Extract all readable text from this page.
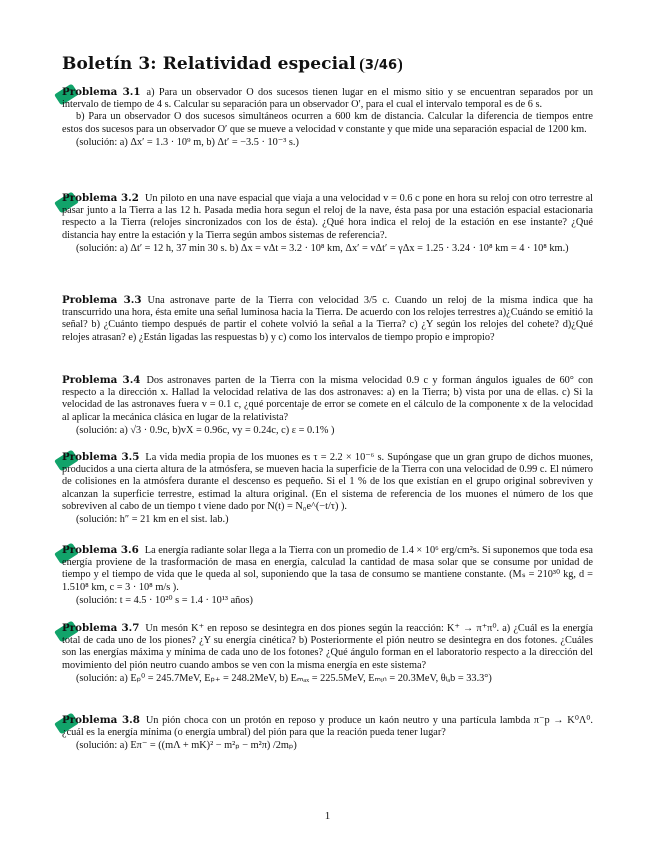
Boletín 3: Relatividad especial 3/46

Problema 3.1 a) Para un observador O dos sucesos tienen lugar en el mismo sitio y se encuentran separados por un intervalo de tiempo de 4 s. Calcular su separación para un observador O′, para el cual el intervalo temporal es de 6 s.

b) Para un observador O dos sucesos simultáneos ocurren a 600 km de distancia. Calcular la diferencia de tiempos entre estos dos sucesos para un observador O′ que se mueve a velocidad v constante y que mide una separación espacial de 1200 km.

(solución: a) Δx′ = 1.3 · 10⁹ m, b) Δt′ = −3.5 · 10⁻³ s.)

Problema 3.2 Un piloto en una nave espacial que viaja a una velocidad v = 0.6 c pone en hora su reloj con otro terrestre al pasar junto a la Tierra a las 12 h. Pasada media hora segun el reloj de la nave, ésta pasa por una estación espacial estacionaria respecto a la Tierra (relojes sincronizados con los de ésta). ¿Qué hora indica el reloj de la estación en ese instante? ¿Qué distancia hay entre la estación y la Tierra según ambos sistemas de referencia?.

(solución: a) Δt′ = 12 h, 37 min 30 s. b) Δx = vΔt = 3.2 · 10⁸ km, Δx′ = vΔt′ = γΔx = 1.25 · 3.24 · 10⁸ km = 4 · 10⁸ km.)

Problema 3.3 Una astronave parte de la Tierra con velocidad 3/5 c. Cuando un reloj de la misma indica que ha transcurrido una hora, ésta emite una señal luminosa hacia la Tierra. De acuerdo con los relojes terrestres a)¿Cuándo se emitió la señal? b) ¿Cuánto tiempo después de partir el cohete volvió la señal a la Tierra? c) ¿Y según los relojes del cohete? d)¿Qué relojes atrasan? e) ¿Están ligadas las respuestas b) y c) como los intervalos de tiempo propio e impropio?

Problema 3.4 Dos astronaves parten de la Tierra con la misma velocidad 0.9 c y forman ángulos iguales de 60° con respecto a la dirección x. Hallad la velocidad relativa de las dos astronaves: a) en la Tierra; b) vista por una de ellas. c) Si la velocidad de las astronaves fuera v = 0.1 c, ¿qué porcentaje de error se comete en el cálculo de la componente x de la velocidad al aplicar la mecánica clásica en lugar de la relativista?

(solución: a) √3 · 0.9c, b)vX = 0.96c, vy = 0.24c, c) ε = 0.1% )

Problema 3.5 La vida media propia de los muones es τ = 2.2 × 10⁻⁶ s. Supóngase que un gran grupo de dichos muones, producidos a una cierta altura de la atmósfera, se mueven hacia la superficie de la Tierra con una velocidad de 0.99 c. El número de colisiones en la atmósfera durante el descenso es pequeño. Si el 1 % de los que existían en el grupo original sobreviven y alcanzan la superficie terrestre, estimad la altura original. (En el sistema de referencia de los muones el número de los que sobreviven al cabo de un tiempo t viene dado por N(t) = N₀e^(−t/τ) ).

(solución: h″ = 21 km en el sist. lab.)

Problema 3.6 La energía radiante solar llega a la Tierra con un promedio de 1.4 × 10⁶ erg/cm²s. Si suponemos que toda esa energía proviene de la trasformación de masa en energía, calculad la cantidad de masa solar que se consume por unidad de tiempo y el tiempo de vida que le queda al sol, suponiendo que la tasa de consumo se mantiene constante. (Mₛ = 210³⁰ kg, d = 1.510⁸ km, c = 3 · 10⁸ m/s ).

(solución: t = 4.5 · 10²⁰ s = 1.4 · 10¹³ años)

Problema 3.7 Un mesón K⁺ en reposo se desintegra en dos piones según la reacción: K⁺ → π⁺π⁰. a) ¿Cuál es la energía total de cada uno de los piones? ¿Y su energía cinética? b) Posteriormente el pión neutro se desintegra en dos fotones. ¿Cuáles son las energías máxima y mínima de cada uno de los fotones? ¿Qué ángulo forman en el laboratorio respecto a la dirección del movimiento del pión neutro cuando ambos se ven con la misma energía en este sistema?

(solución: a) Eₚ⁰ = 245.7MeV, Eₚ₊ = 248.2MeV, b) Eₘₐₓ = 225.5MeV, Eₘᵢₙ = 20.3MeV, θₗₐb = 33.3°)

Problema 3.8 Un pión choca con un protón en reposo y produce un kaón neutro y una partícula lambda π⁻p → K⁰Λ⁰. ¿cuál es la energía mínima (o energía umbral) del pión para que la reación pueda tener lugar?

(solución: a) Eπ⁻ = ((mΛ + mK)² − m²ₚ − m²π) /2mₚ)

1
